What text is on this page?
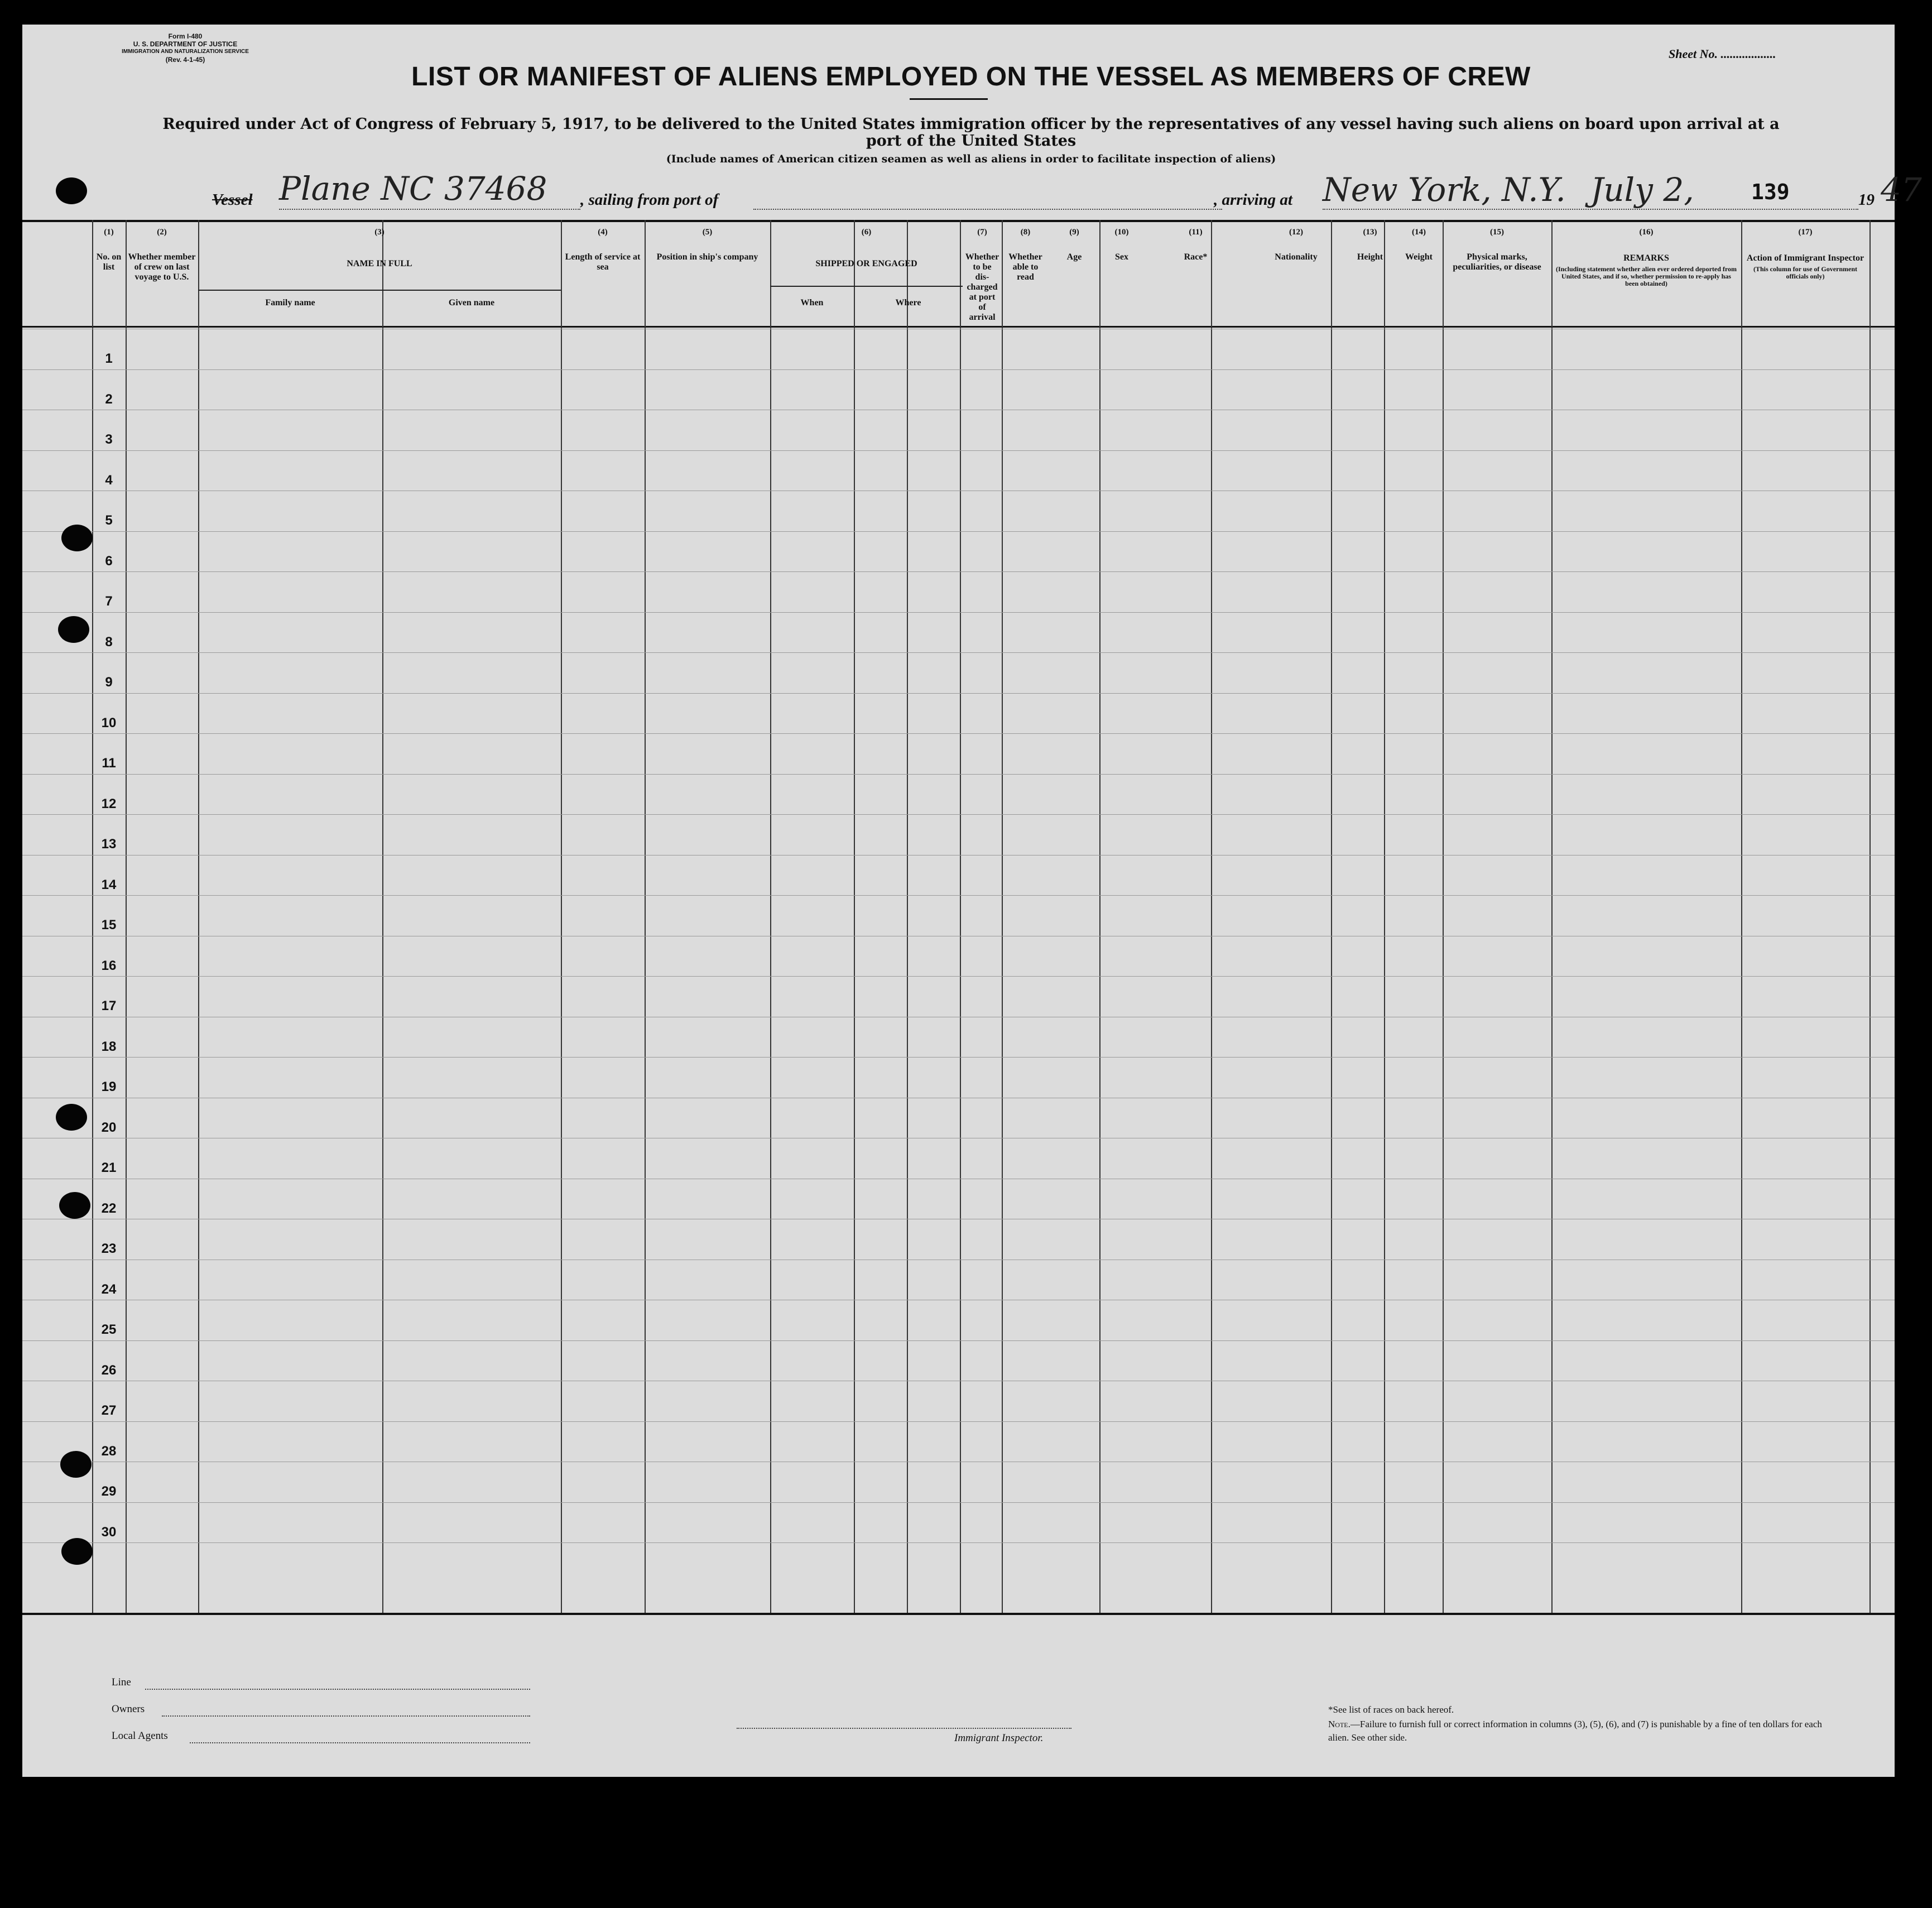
Form I-480
U. S. DEPARTMENT OF JUSTICE
IMMIGRATION AND NATURALIZATION SERVICE
(Rev. 4-1-45)	Sheet No. ..................
LIST OR MANIFEST OF ALIENS EMPLOYED ON THE VESSEL AS MEMBERS OF CREW
Required under Act of Congress of February 5, 1917, to be delivered to the United States immigration officer by the representatives of any vessel having such aliens on board upon arrival at a port of the United States
(Include names of American citizen seamen as well as aliens in order to facilitate inspection of aliens)
Vessel Plane NC 37468 , sailing from port of	, arriving at New York, N.Y. July 2,	19 47
139
(1)
No. on list
(2)
Whether member of crew on last voyage to U.S.
(3)
NAME IN FULL
Family name	Given name
(4)
Length of service at sea
(5)
Position in ship's company
(6)
SHIPPED OR ENGAGED
When	Where
(7)
Whether to be dis-charged at port of arrival
(8)
Whether able to read
(9)
Age
(10)
Sex
(11)
Race*
(12)
Nationality
(13)
Height
(14)
Weight
(15)
Physical marks, peculiarities, or disease
(16)
REMARKS
(Including statement whether alien ever ordered deported from United States, and if so, whether permission to re-apply has been obtained)
(17)
Action of Immigrant Inspector
(This column for use of Government officials only)
1
2
3
4
5
6
7
8
9
10
11
12
13
14
15
16
17
18
19
20
21
22
23
24
25
26
27
28
29
30
Line
Owners
Local Agents	Immigrant Inspector.
*See list of races on back hereof.
Note.—Failure to furnish full or correct information in columns (3), (5), (6), and (7) is punishable by a fine of ten dollars for each alien. See other side.
